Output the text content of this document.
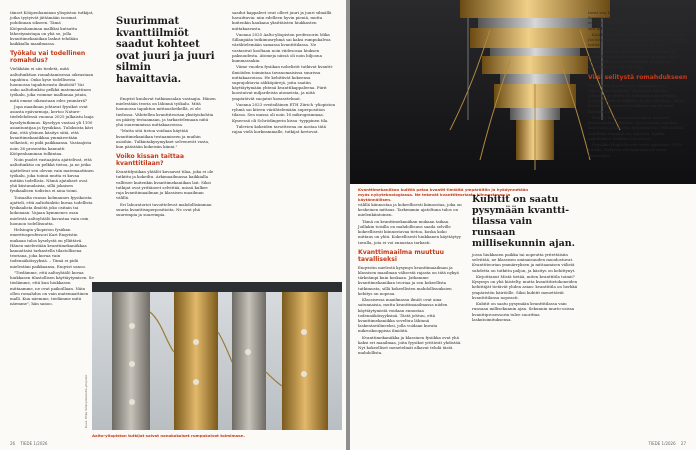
tänset Kööpenhaminan yliopiston tutkijat, jotka tyytyivät jättämään isosmat pohdinnan sikseen. Tämä Kööpenhaminan malliksi kutsuttu lähestymistapa on yhä se, jolla kvanttimekaniikan laskut tehdään kaikkialla maailmassa.

Työkalu vai todellinen romahdus?

Vieläkään ei siis tiedetä, mitä aaltofunktion romahtamisessa oikeastaan tapahtuu. Onko kyse todellisesta luonnossa tapahtuvasta ilmiöstä? Vai onko aaltofunktio pelkkä matemaattinen työkalu, joka voimme mallinnaa jotain, mitä emme oikeastaan edes ymmärrä?

Jopa maailman johtavat fyysikot ovat asiasta epävarmoja, kertoo Nature-tiedelehdessä vuonna 2025 julkaistu laaja kyselytutkimus. Kyselyyn vastasi yli 1100 asiantuntijaa ja fyysikkoa. Tuloksista kävi ilmi, että yleinen käsitys siitä, että kvanttimekaniikkaa ymmärretään selkeästi, ei pidä paikkaansa. Vastaajista noin 36 prosenttia kannatti Kööpenhaminan tulkintaa.

Noin puolet vastaajista ajattelivat, että aaltofunktio on pelkkä tietoa, ja ne jotka ajattelivat sen olevan vain matemaattinen työkalu, joka toimii mutta ei kuvaa mitään todellista. Nämä ajatukset ovat yhä kiistanalaisia, sillä jokaisen fysikaalisen todistus ei aina toimi.

Toisaalta runsas kolmannes fyysikoista ajatteli, että aaltofunktio kuvaa todellista fysikaalista ilmiötä joko ositain tai kokonaan. Vajaan kymmenes osan mielestä aaltoyhtälö kuvastaa vain osin luonnon todellisuutta.

Helsingin yliopiston fysiikan emeritusprofessori Kari Enqvistin mukaan tulos kyselystä on yllättävä. Hänen mielestään kvanttimekaniikkaa kannattaisi tarkastella tilastollisena teoriana, joka kuvaa vain todennäköisyyksiä. – Tämä ei pidä mielestäni paikkaansa, Enqvist sanoo.

"Tiedämme, että aaltoyhtälö kuvaa hiukkasen tilastollisen käyttäytymisen. Se tiedämme, että kun hiukkasen mittaamme, ne ovat paikoillaan. Näin ollen romahdus on vain matemaattinen malli. Kun näemme, tiedämme mitä näemme", hän sanoo.

Suurimmat
kvanttiilmiöt
saadut kohteet
ovat juuri ja juuri
silmin havaittavia.

Enqvist kuuluvat tutkimusalan vastaajia. Hänen mielestään teoria on lähinnä työkalu. Mitä luonnossa tapahtuu mittaushetkellä, ei ole tiedossa. Vähitellen kvanttiteorian yksityiskohtia on päästy testaamaan, ja tarkastelemaan niitä yhä suuremmissa mittakaavoissa.

"Mutta sitä tietoa voidaan käyttää kvanttimekaniikan testaamiseen ja muihin asioihin. Tulkintakysymykset selvenevät vasta, kun päästään kokeisiin kiinni."

Voiko kissan taittaa kvanttitilaan?

Kvanttifysiikan yhtälöt kuvaavat tilaa, joka ei ole tutkittu ja kokeiltu. Arkimaailmassa kaikkialla vallitsee kuitenkin kvanttimekaniikan lait. Siksi tutkijat ovat yrittäneet selvittää, missä kulkee raja kvanttimaailman ja klassisen maailman välillä.

Eri laboratoriot tavoittelevat mahdollisimman suuria kvanttisuperpositioita. Ne ovat yhä suurempia ja suurempia.

saadut kappaleet ovat olleet juuri ja juuri silmällä havaittavia: niin edelleen hyvin pieniä, mutta kuitenkin kaukana yksittäisten hiukkasten mittakaavasta.

Vuonna 2025 Aalto-yliopiston professorin Mika Sillanpään tutkimusryhmä sai kaksi rumpukalvoa värähtelemään samassa kvanttitilassa. Ne vastasivat kooltaan noin viidesosaa hiuksen paksuudesta. Atomeja niissä oli noin biljoona kummassakin.

Viime vuoden fysiikan nobelistit tutkivat kvantti-ilmiöiden toimintaa tavanomaisissa suurissa mittakaavoissa. He kehittivät kokeensa suprajohtavia sähköpiirejä, joita saatiin käyttäytymään yhtenä kvanttikappaleena. Piirit koostuivat miljardeista atomeista, ja niitä ympäröivät suojatut koeasetelmat.

Vuonna 2023 sveitsiläinen ETH Zürich -yliopiston ryhmä sai kiteen värähtelemään superposition tilassa. Sen massa oli noin 16 mikrogrammaa. Kyseessä oli Schrödingerin kissa -tyyppinen tila.

Tulevien kokeiden tavoitteena on nostaa tätä rajaa vielä korkeammalle, tutkijat kertovat.

Kuva: Mika Sillanpää/Aalto-yliopisto
Aalto-yliopiston tutkijat saivat nanokokoiset rumpukalvot toimimaan.
26 TIEDE 1/2026
Kvanttimekaniikan kulttiä pelaa kvantti-ilmiöitä ympäröitiin ja hyödynnetään myös nykyteknologiassa. Ne tekevät kvanttiteoriasta kiinnostavan ja käytännöllisen.

välillä kiinnostaa ja kokeellisesti kiinnostaa, joka on keskeinen mittaus. Tarkemmin ajateltuna tulos on mielenkiintoinen.

Tämä on kvanttimekaniikan mukaan taikaa. Joillakin toisilla on mahdollisuus saada selville kokeellisesti kiinnostavaa tietoa, koska koko mittaus on yhtä. Kokeellisesti hiukkanen käyttäytyy tavalla, jota ei voi ennustaa tarkasti.

Kvanttimaailma muuttuu tavalliseksi

Enqvistin mielestä kysymys kvanttimaailman ja klassisen maailman välisestä rajasta on tätä nykyä tärkeämpi kuin koskaan. Jatkamme kvanttimekaniikan teoriaa ja sen kokeellista tutkimusta, sillä kokeellisten mahdollisuuksien kehitys on nopeaa.

Klassisessa maailmassa ilmiöt ovat aina satunnaisia, mutta kvanttimaailmassa niiden käyttäytymistä voidaan ennustaa todennäköisyyksinä. Tästä johtuu, että kvanttimekaniikka soveltuu lähinnä laskentavälineeksi, jolla voidaan kuvata mikroskooppisia ilmiöitä.

Kvanttimekaniikka ja klassinen fysiikka ovat yhä kaksi eri maailmaa, joita fyysikot yrittävät yhdistää. Nyt kokeelliset menetelmät alkavat tehdä tästä mahdollista.

Kubitit on saatu
pysymään kvantti-
tilassa vain runsaan
millisekunnin ajan.

jossa hiukkasen paikka tai nopeutta yritettäisiin selvittää, ne klassisen ominaisuuden muodostuvat. Kvanttiteorian ymmärryksen ja mittaamisen välistä suhdetta on tutkittu paljon, ja käsitys on kehittynyt.

Kirjoittanut Mistä tietää, miten kvanttitila toimii? Kysymys on yhä kiistelty, mutta kvanttitietokoneiden kehittäjät tietävät yhden asian: kvanttitila on herkkä ympäristön häiriöille. Siksi kubitit menettävät kvanttitilansa nopeasti.

Kubitit on saatu pysymään kvanttitilassa vain runsaan millisekunnin ajan. Sekunnin murto-osissa kvanttiprosessorin tulee suorittaa laskutoimituksensa.

tavat sen kanssa. Samalla niiden kvanttitila ilmenee selvästi. Ja koska kvanttiteoria on yhä mysteeri, on paljon tutkittavaa ja opittavaa, kun sitä kehitetään.

Kuinka kauan tämä kestää, on vaikea ennustaa. Jos kvanttiteoria johtaa uusiin löytöihin ja lopulta uuteen teknologiaan, vaikutus on suuri.

Kvanttitietokoneet ovat jo toiminnassa, ja niiden kehitys jatkuu kiivaasti. Kysymys siitä, missä kulkee kvanttimaailman ja klassisen maailman raja, on yhä auki.

Viisi selitystä romahdukseen

Mutta mitä kvanttitilan romahduksessa oikeastaan tapahtuu? Kyselyssä fyysikot jakautuivat viiden eri tulkinnan kannattajiin. Kööpenhaminan tulkinta oli yhä suosituin, mutta monet vaihtoehtoiset tulkinnat saivat myös kannatusta.

Runsas kuudesosa vastaajista kannatti monimaailmatulkintaa. Sen mukaan maailma haarautuu jokaisessa mittauksessa, eikä mitään todellista romahdusta tapahdu. Kaikki mahdolliset tulokset toteutuvat.

Fyysikko Hugh Everett esitti ajatuksen 1950-luvulla. Nykyisin sitä kannattavat useat teoreetikot.

TIEDE 1/2026 27
